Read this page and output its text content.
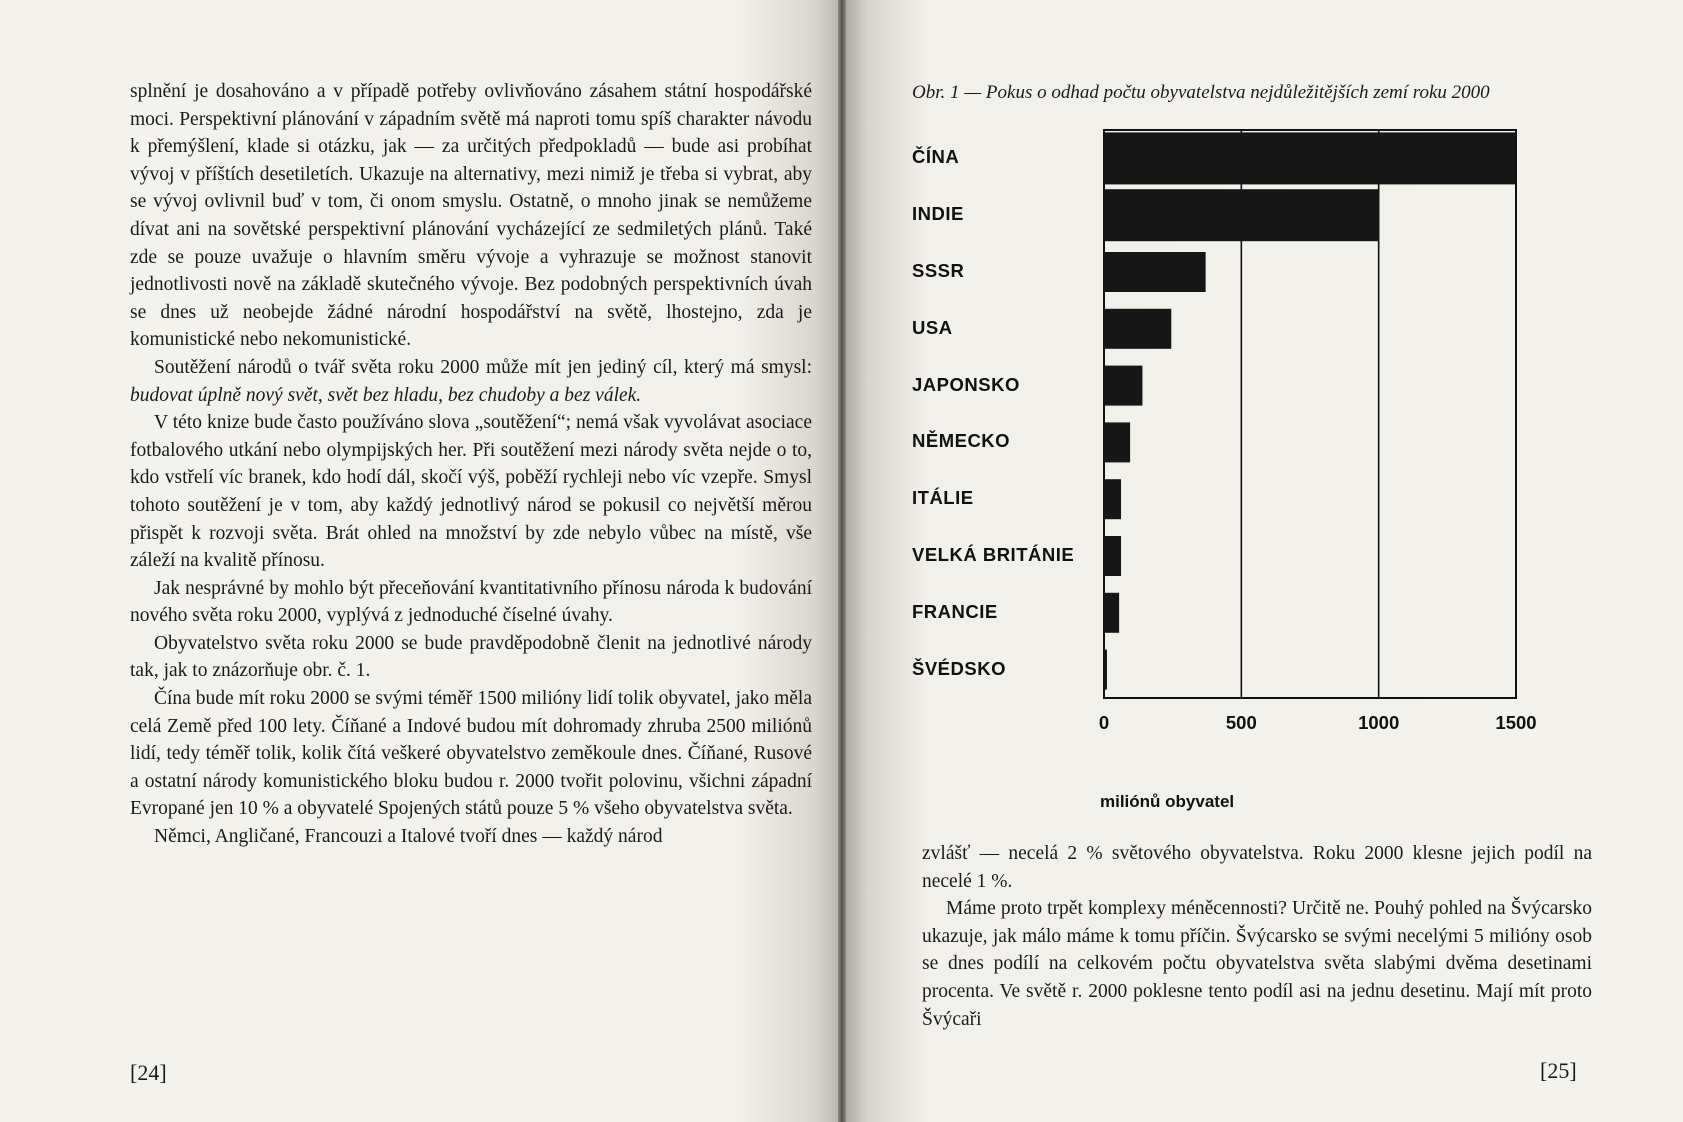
splnění je dosahováno a v případě potřeby ovlivňováno zásahem státní hospodářské moci. Perspektivní plánování v západním světě má naproti tomu spíš charakter návodu k přemýšlení, klade si otázku, jak — za určitých předpokladů — bude asi probíhat vývoj v příštích desetiletích. Ukazuje na alternativy, mezi nimiž je třeba si vybrat, aby se vývoj ovlivnil buď v tom, či onom smyslu. Ostatně, o mnoho jinak se nemůžeme dívat ani na sovětské perspektivní plánování vycházející ze sedmiletých plánů. Také zde se pouze uvažuje o hlavním směru vývoje a vyhrazuje se možnost stanovit jednotlivosti nově na základě skutečného vývoje. Bez podobných perspektivních úvah se dnes už neobejde žádné národní hospodářství na světě, lhostejno, zda je komunistické nebo nekomunistické.

Soutěžení národů o tvář světa roku 2000 může mít jen jediný cíl, který má smysl: budovat úplně nový svět, svět bez hladu, bez chudoby a bez válek.

V této knize bude často používáno slova „soutěžení“; nemá však vyvolávat asociace fotbalového utkání nebo olympijských her. Při soutěžení mezi národy světa nejde o to, kdo vstřelí víc branek, kdo hodí dál, skočí výš, poběží rychleji nebo víc vzepře. Smysl tohoto soutěžení je v tom, aby každý jednotlivý národ se pokusil co největší měrou přispět k rozvoji světa. Brát ohled na množství by zde nebylo vůbec na místě, vše záleží na kvalitě přínosu.

Jak nesprávné by mohlo být přeceňování kvantitativního přínosu národa k budování nového světa roku 2000, vyplývá z jednoduché číselné úvahy.

Obyvatelstvo světa roku 2000 se bude pravděpodobně členit na jednotlivé národy tak, jak to znázorňuje obr. č. 1.

Čína bude mít roku 2000 se svými téměř 1500 milióny lidí tolik obyvatel, jako měla celá Země před 100 lety. Číňané a Indové budou mít dohromady zhruba 2500 miliónů lidí, tedy téměř tolik, kolik čítá veškeré obyvatelstvo zeměkoule dnes. Číňané, Rusové a ostatní národy komunistického bloku budou r. 2000 tvořit polovinu, všichni západní Evropané jen 10 % a obyvatelé Spojených států pouze 5 % všeho obyvatelstva světa.

Němci, Angličané, Francouzi a Italové tvoří dnes — každý národ

[24]
Obr. 1 — Pokus o odhad počtu obyvatelstva nejdůležitějších zemí roku 2000
miliónů obyvatel
ČÍNA
INDIE
SSSR
USA
JAPONSKO
NĚMECKO
ITÁLIE
VELKÁ BRITÁNIE
FRANCIE
ŠVÉDSKO
0	500	1000	1500

zvlášť — necelá 2 % světového obyvatelstva. Roku 2000 klesne jejich podíl na necelé 1 %.

Máme proto trpět komplexy méněcennosti? Určitě ne. Pouhý pohled na Švýcarsko ukazuje, jak málo máme k tomu příčin. Švýcarsko se svými necelými 5 milióny osob se dnes podílí na celkovém počtu obyvatelstva světa slabými dvěma desetinami procenta. Ve světě r. 2000 poklesne tento podíl asi na jednu desetinu. Mají mít proto Švýcaři

[25]
